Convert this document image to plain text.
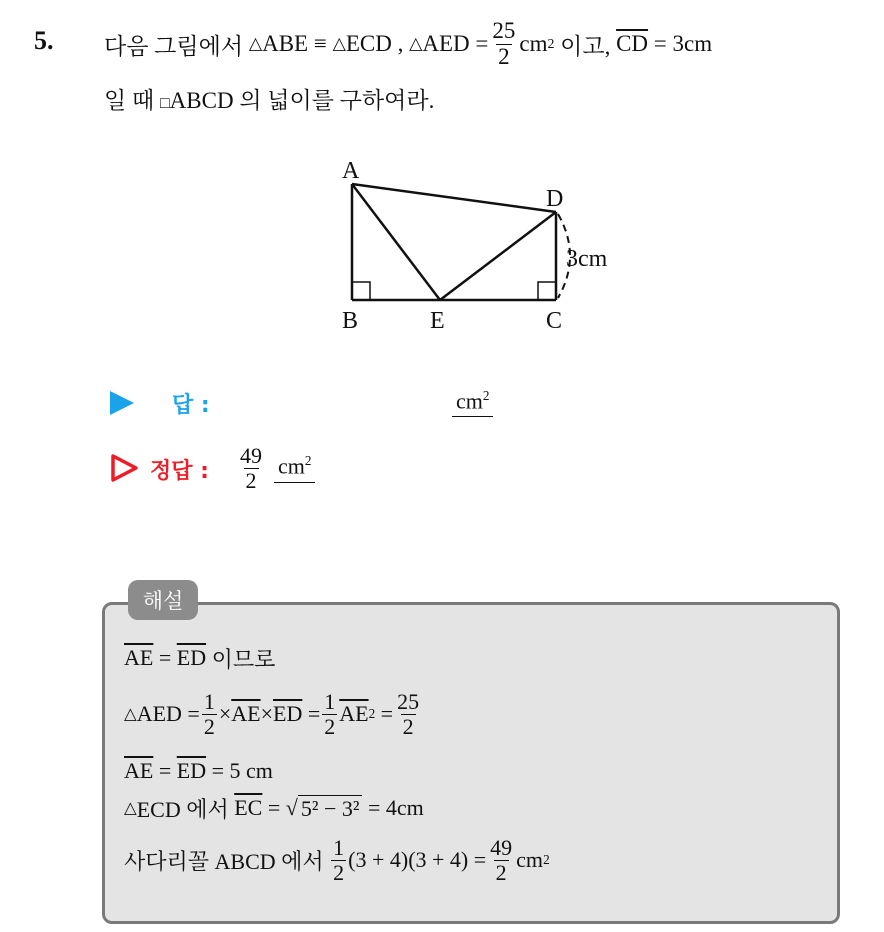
5. 다음 그림에서
△ ABE ≡
△ ECD ,
△ AED = $\frac{25}{2}$ cm 2
이고,
$\overline{CD}$
= 3cm
일 때 □ABCD 의 넓이를 구하여라.
A
B	E	C
D
3cm
답 :	$cm^2$
정답 : $\frac{49}{2} cm^2$
해설
$\overline{AE}$
=
$\overline{ED}$
이므로
△ AED = $\frac{1}{2} \times \overline{AE} \times \overline{ED}$
= $\frac{1}{2} \overline{AE}$ 2
= $\frac{25}{2}$
$\overline{AE}$
=
$\overline{ED}$
= 5 cm
△ ECD 에서
$\overline{EC}$
=
√ 5² − 3²
= 4cm
사다리꼴 ABCD 에서
$\frac{1}{2} (3 + 4)(3 + 4) = \frac{49}{2}$ cm 2
